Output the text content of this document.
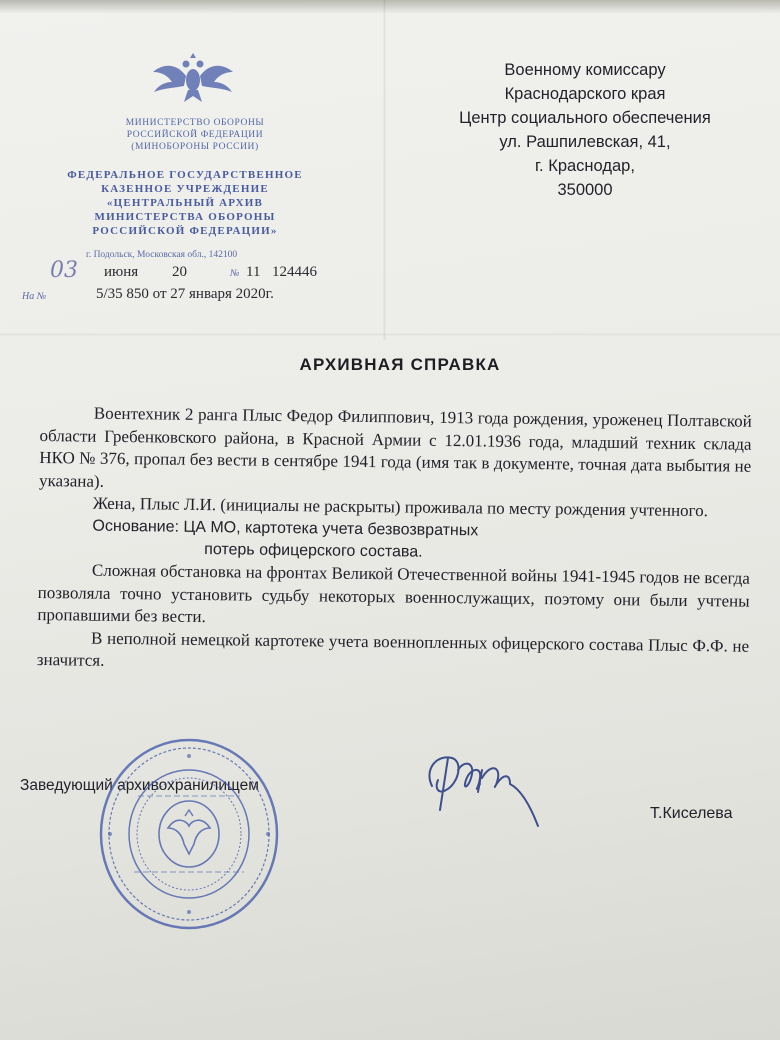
МИНИСТЕРСТВО ОБОРОНЫ
РОССИЙСКОЙ ФЕДЕРАЦИИ
(МИНОБОРОНЫ РОССИИ)
ФЕДЕРАЛЬНОЕ ГОСУДАРСТВЕННОЕ
КАЗЕННОЕ УЧРЕЖДЕНИЕ
«ЦЕНТРАЛЬНЫЙ АРХИВ
МИНИСТЕРСТВА ОБОРОНЫ
РОССИЙСКОЙ ФЕДЕРАЦИИ»
г. Подольск, Московская обл., 142100
03 июня 20	№ 11 124446
На №	5/35 850 от 27 января 2020г.
Военному комиссару
Краснодарского края
Центр социального обеспечения
ул. Рашпилевская, 41,
г. Краснодар,
350000
АРХИВНАЯ СПРАВКА

Воентехник 2 ранга Плыс Федор Филиппович, 1913 года рождения, уроженец Полтавской области Гребенковского района, в Красной Армии с 12.01.1936 года, младший техник склада НКО № 376, пропал без вести в сентябре 1941 года (имя так в документе, точная дата выбытия не указана).

Жена, Плыс Л.И. (инициалы не раскрыты) проживала по месту рождения учтенного.

Основание: ЦА МО, картотека учета безвозвратных

потерь офицерского состава.

Сложная обстановка на фронтах Великой Отечественной войны 1941-1945 годов не всегда позволяла точно установить судьбу некоторых военнослужащих, поэтому они были учтены пропавшими без вести.

В неполной немецкой картотеке учета военнопленных офицерского состава Плыс Ф.Ф. не значится.

Заведующий архивохранилищем
Т.Киселева
